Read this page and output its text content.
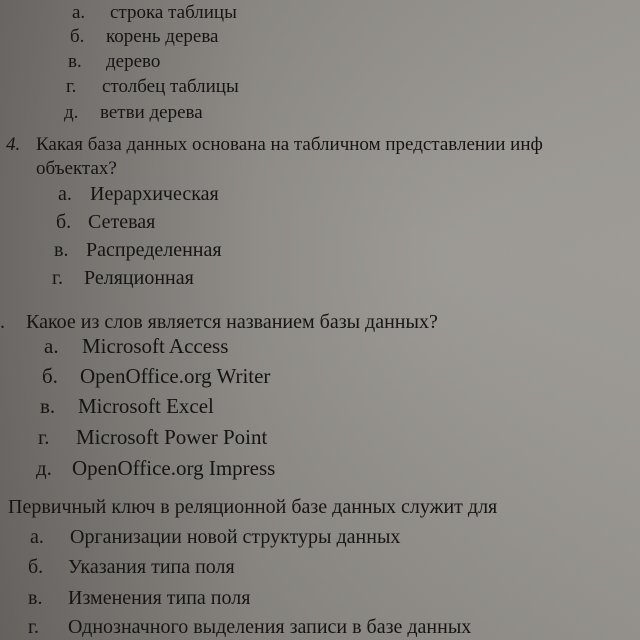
а. строка таблицы
б. корень дерева
в. дерево
г. столбец таблицы
д. ветви дерева
4. Какая база данных основана на табличном представлении инф
объектах?
а. Иерархическая
б. Сетевая
в. Распределенная
г. Реляционная
. Какое из слов является названием базы данных?
а. Microsoft Access
б. OpenOffice.org Writer
в. Microsoft Excel
г. Microsoft Power Point
д. OpenOffice.org Impress
Первичный ключ в реляционной базе данных служит для
а. Организации новой структуры данных
б. Указания типа поля
в. Изменения типа поля
г. Однозначного выделения записи в базе данных
